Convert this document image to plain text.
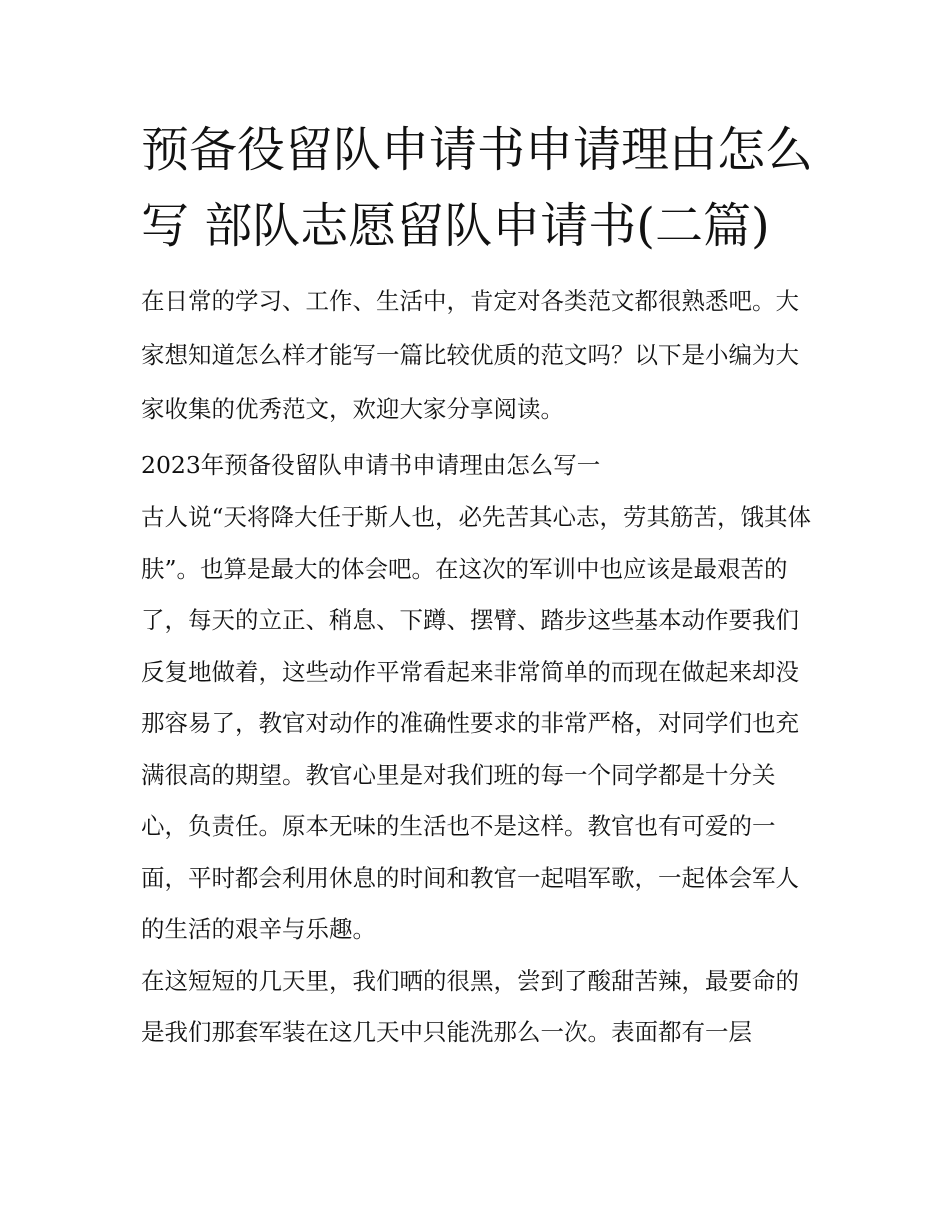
预备役留队申请书申请理由怎么写 部队志愿留队申请书(二篇)

在日常的学习、工作、生活中，肯定对各类范文都很熟悉吧。大家想知道怎么样才能写一篇比较优质的范文吗？以下是小编为大家收集的优秀范文，欢迎大家分享阅读。

2023年预备役留队申请书申请理由怎么写一

古人说“天将降大任于斯人也，必先苦其心志，劳其筋苦，饿其体肤”。也算是最大的体会吧。在这次的军训中也应该是最艰苦的了，每天的立正、稍息、下蹲、摆臂、踏步这些基本动作要我们反复地做着，这些动作平常看起来非常简单的而现在做起来却没那容易了，教官对动作的准确性要求的非常严格，对同学们也充满很高的期望。教官心里是对我们班的每一个同学都是十分关心，负责任。原本无味的生活也不是这样。教官也有可爱的一面，平时都会利用休息的时间和教官一起唱军歌，一起体会军人的生活的艰辛与乐趣。

在这短短的几天里，我们晒的很黑，尝到了酸甜苦辣，最要命的是我们那套军装在这几天中只能洗那么一次。表面都有一层
